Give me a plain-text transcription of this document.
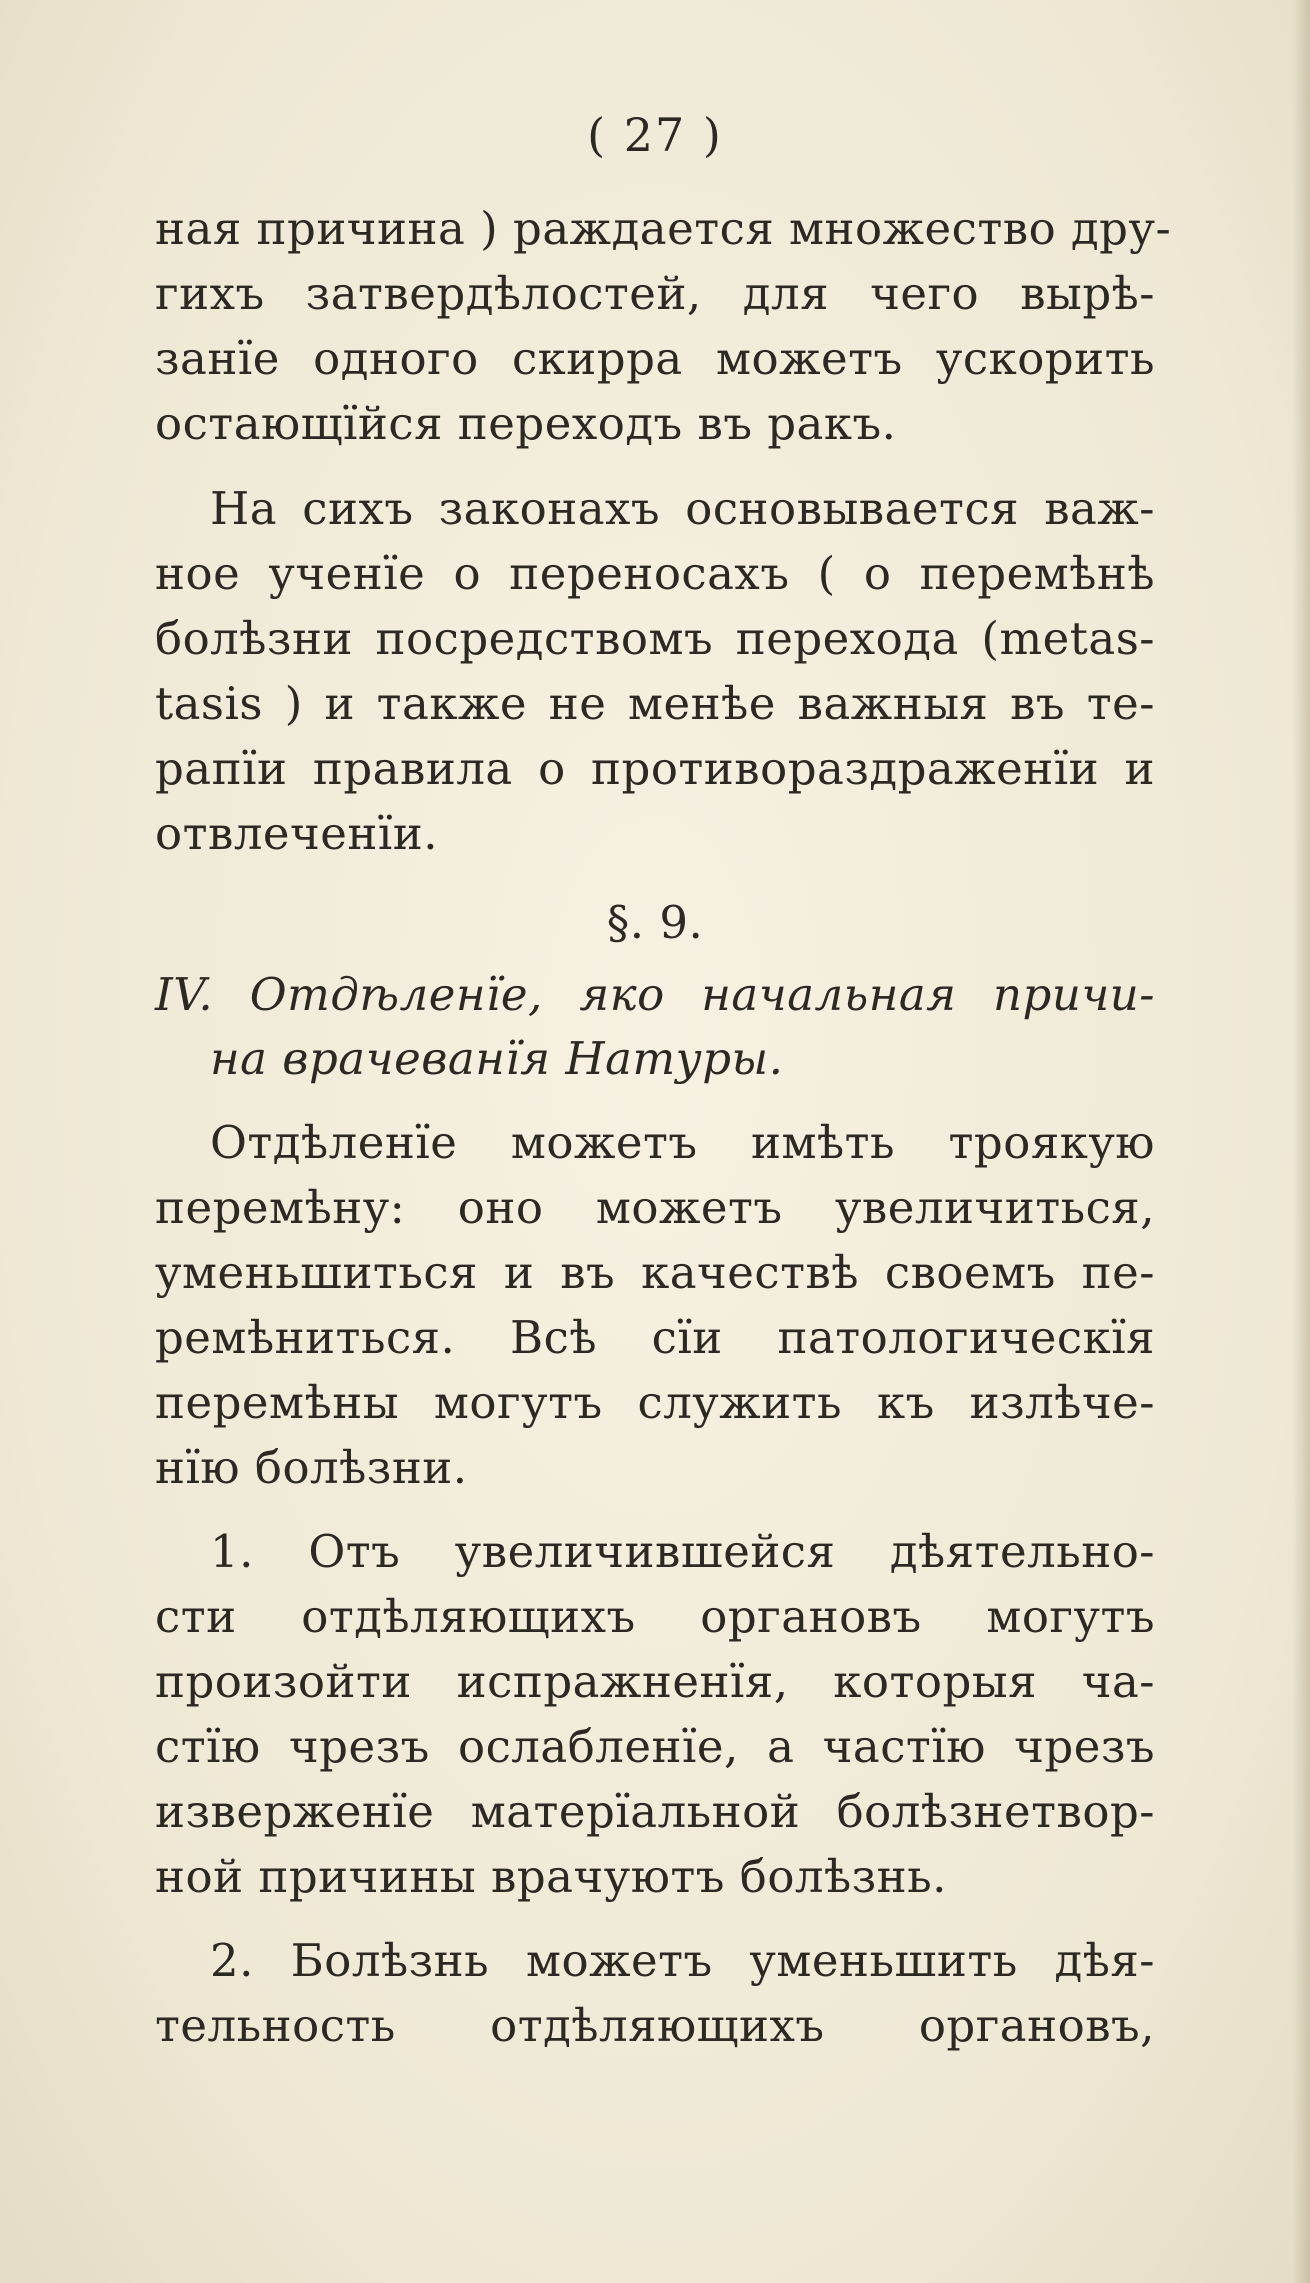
( 27 )
ная причина ) раждается множество дру-
гихъ затвердѣлостей, для чего вырѣ-
занїе одного скирра можетъ ускорить
остающїйся переходъ въ ракъ.
На сихъ законахъ основывается важ-
ное ученїе о переносахъ ( о перемѣнѣ
болѣзни посредствомъ перехода (metas-
tasis ) и также не менѣе важныя въ те-
рапїи правила о противораздраженїи и
отвлеченїи.
§. 9.
IV. Отдѣленїе, яко начальная причи-
на врачеванїя Натуры.
Отдѣленїе можетъ имѣть троякую
перемѣну: оно можетъ увеличиться,
уменьшиться и въ качествѣ своемъ пе-
ремѣниться. Всѣ сїи патологическїя
перемѣны могутъ служить къ излѣче-
нїю болѣзни.
1. Отъ увеличившейся дѣятельно-
сти отдѣляющихъ органовъ могутъ
произойти испражненїя, которыя ча-
стїю чрезъ ослабленїе, а частїю чрезъ
изверженїе матерїальной болѣзнетвор-
ной причины врачуютъ болѣзнь.
2. Болѣзнь можетъ уменьшить дѣя-
тельность отдѣляющихъ органовъ,
